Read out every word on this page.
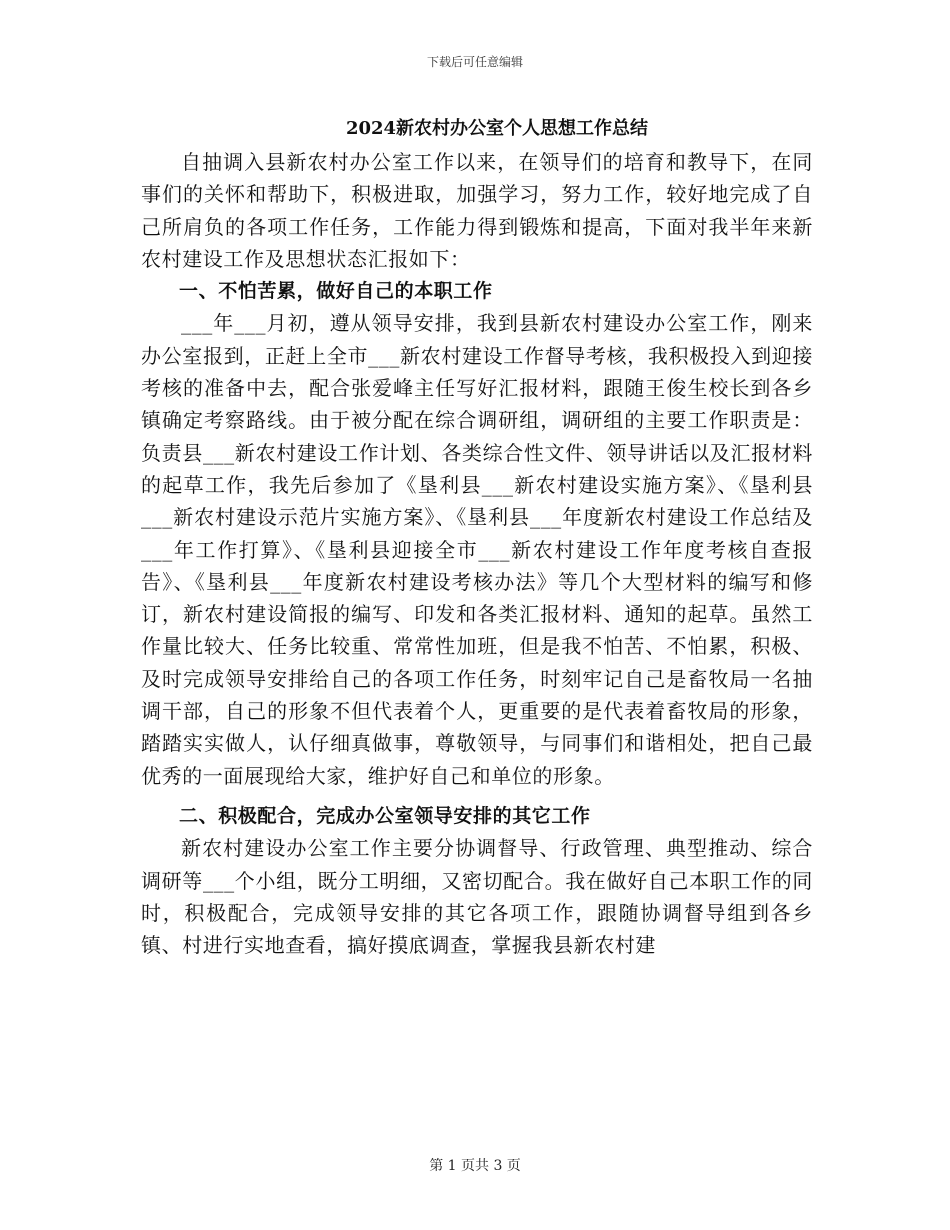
下载后可任意编辑
2024新农村办公室个人思想工作总结

自抽调入县新农村办公室工作以来，在领导们的培育和教导下，在同事们的关怀和帮助下，积极进取，加强学习，努力工作，较好地完成了自己所肩负的各项工作任务，工作能力得到锻炼和提高，下面对我半年来新农村建设工作及思想状态汇报如下：

一、不怕苦累，做好自己的本职工作

___年___月初，遵从领导安排，我到县新农村建设办公室工作，刚来办公室报到，正赶上全市___新农村建设工作督导考核，我积极投入到迎接考核的准备中去，配合张爱峰主任写好汇报材料，跟随王俊生校长到各乡镇确定考察路线。由于被分配在综合调研组，调研组的主要工作职责是：负责县___新农村建设工作计划、各类综合性文件、领导讲话以及汇报材料的起草工作，我先后参加了《垦利县___新农村建设实施方案》、《垦利县___新农村建设示范片实施方案》、《垦利县___年度新农村建设工作总结及___年工作打算》、《垦利县迎接全市___新农村建设工作年度考核自查报告》、《垦利县___年度新农村建设考核办法》等几个大型材料的编写和修订，新农村建设简报的编写、印发和各类汇报材料、通知的起草。虽然工作量比较大、任务比较重、常常性加班，但是我不怕苦、不怕累，积极、及时完成领导安排给自己的各项工作任务，时刻牢记自己是畜牧局一名抽调干部，自己的形象不但代表着个人，更重要的是代表着畜牧局的形象，踏踏实实做人，认仔细真做事，尊敬领导，与同事们和谐相处，把自己最优秀的一面展现给大家，维护好自己和单位的形象。

二、积极配合，完成办公室领导安排的其它工作

新农村建设办公室工作主要分协调督导、行政管理、典型推动、综合调研等___个小组，既分工明细，又密切配合。我在做好自己本职工作的同时，积极配合，完成领导安排的其它各项工作，跟随协调督导组到各乡镇、村进行实地查看，搞好摸底调查，掌握我县新农村建

第 1 页共 3 页
